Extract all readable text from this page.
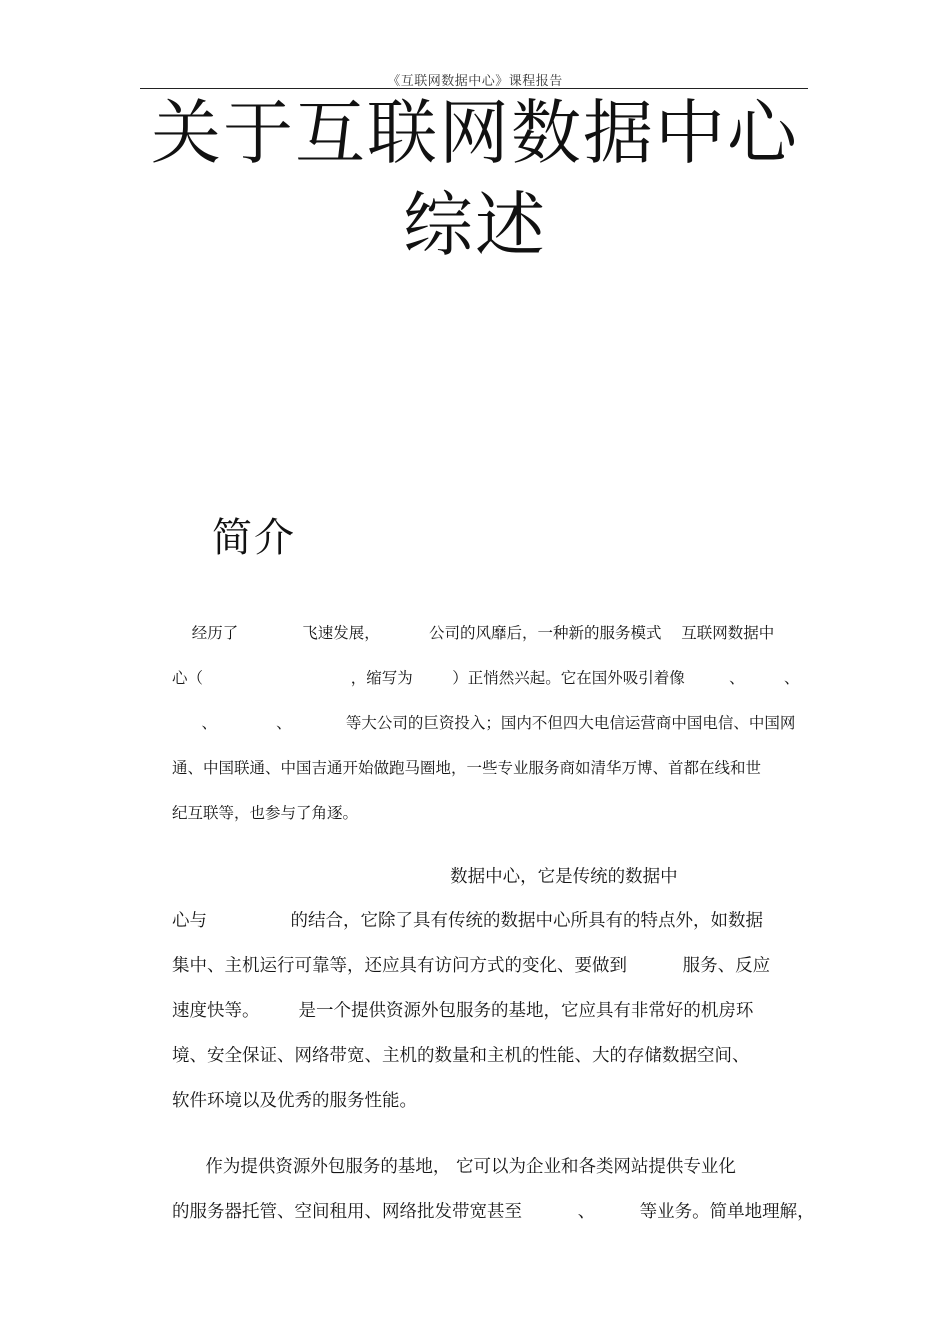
《互联网数据中心》课程报告
关于互联网数据中心
综述
简介
经历了             飞速发展，          公司的风靡后，一种新的服务模式    互联网数据中
心（                              ，缩写为        ）正悄然兴起。它在国外吸引着像         、        、
、            、           等大公司的巨资投入；国内不但四大电信运营商中国电信、中国网
通、中国联通、中国吉通开始做跑马圈地，一些专业服务商如清华万博、首都在线和世
纪互联等，也参与了角逐。
数据中心，它是传统的数据中
心与               的结合，它除了具有传统的数据中心所具有的特点外，如数据
集中、主机运行可靠等，还应具有访问方式的变化、要做到          服务、反应
速度快等。       是一个提供资源外包服务的基地，它应具有非常好的机房环
境、安全保证、网络带宽、主机的数量和主机的性能、大的存储数据空间、
软件环境以及优秀的服务性能。
作为提供资源外包服务的基地， 它可以为企业和各类网站提供专业化
的服务器托管、空间租用、网络批发带宽甚至          、        等业务。简单地理解，
